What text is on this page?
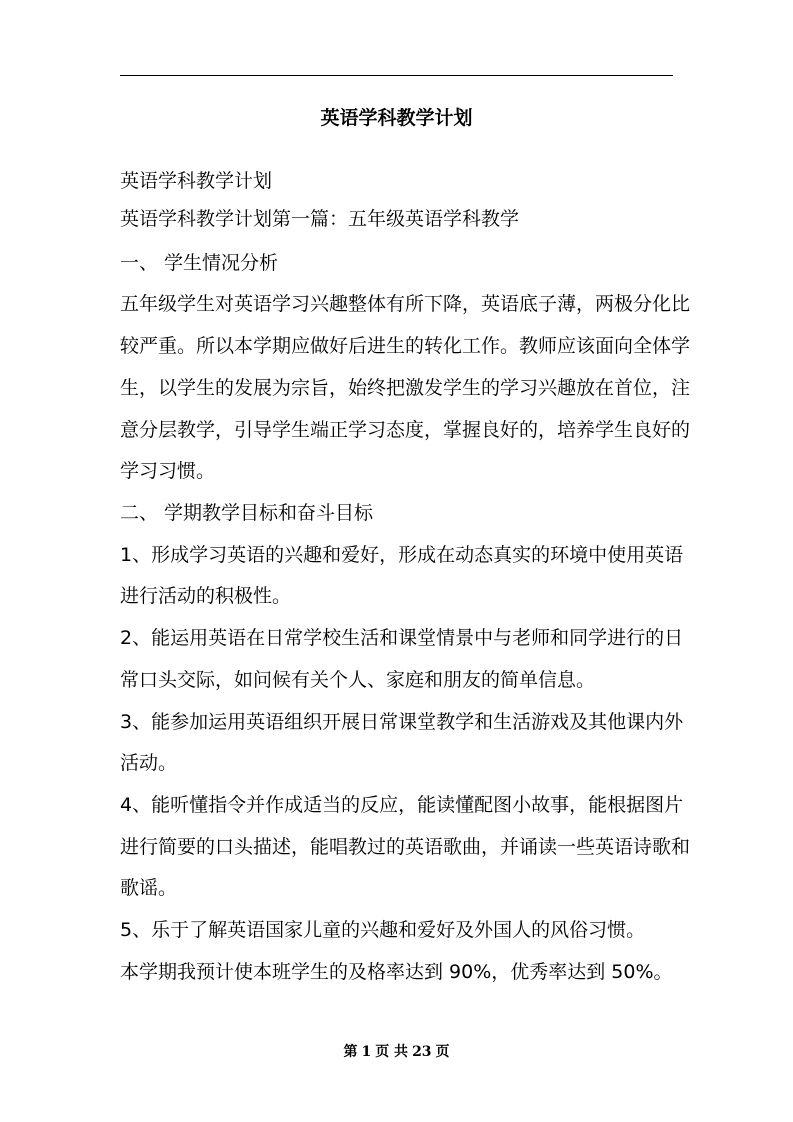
英语学科教学计划
英语学科教学计划
英语学科教学计划第一篇：五年级英语学科教学
一、 学生情况分析
五年级学生对英语学习兴趣整体有所下降，英语底子薄，两极分化比
较严重。所以本学期应做好后进生的转化工作。教师应该面向全体学
生，以学生的发展为宗旨，始终把激发学生的学习兴趣放在首位，注
意分层教学，引导学生端正学习态度，掌握良好的，培养学生良好的
学习习惯。
二、 学期教学目标和奋斗目标
1、形成学习英语的兴趣和爱好，形成在动态真实的环境中使用英语
进行活动的积极性。
2、能运用英语在日常学校生活和课堂情景中与老师和同学进行的日
常口头交际，如问候有关个人、家庭和朋友的简单信息。
3、能参加运用英语组织开展日常课堂教学和生活游戏及其他课内外
活动。
4、能听懂指令并作成适当的反应，能读懂配图小故事，能根据图片
进行简要的口头描述，能唱教过的英语歌曲，并诵读一些英语诗歌和
歌谣。
5、乐于了解英语国家儿童的兴趣和爱好及外国人的风俗习惯。
本学期我预计使本班学生的及格率达到 90%，优秀率达到 50%。
第 1 页 共 23 页
